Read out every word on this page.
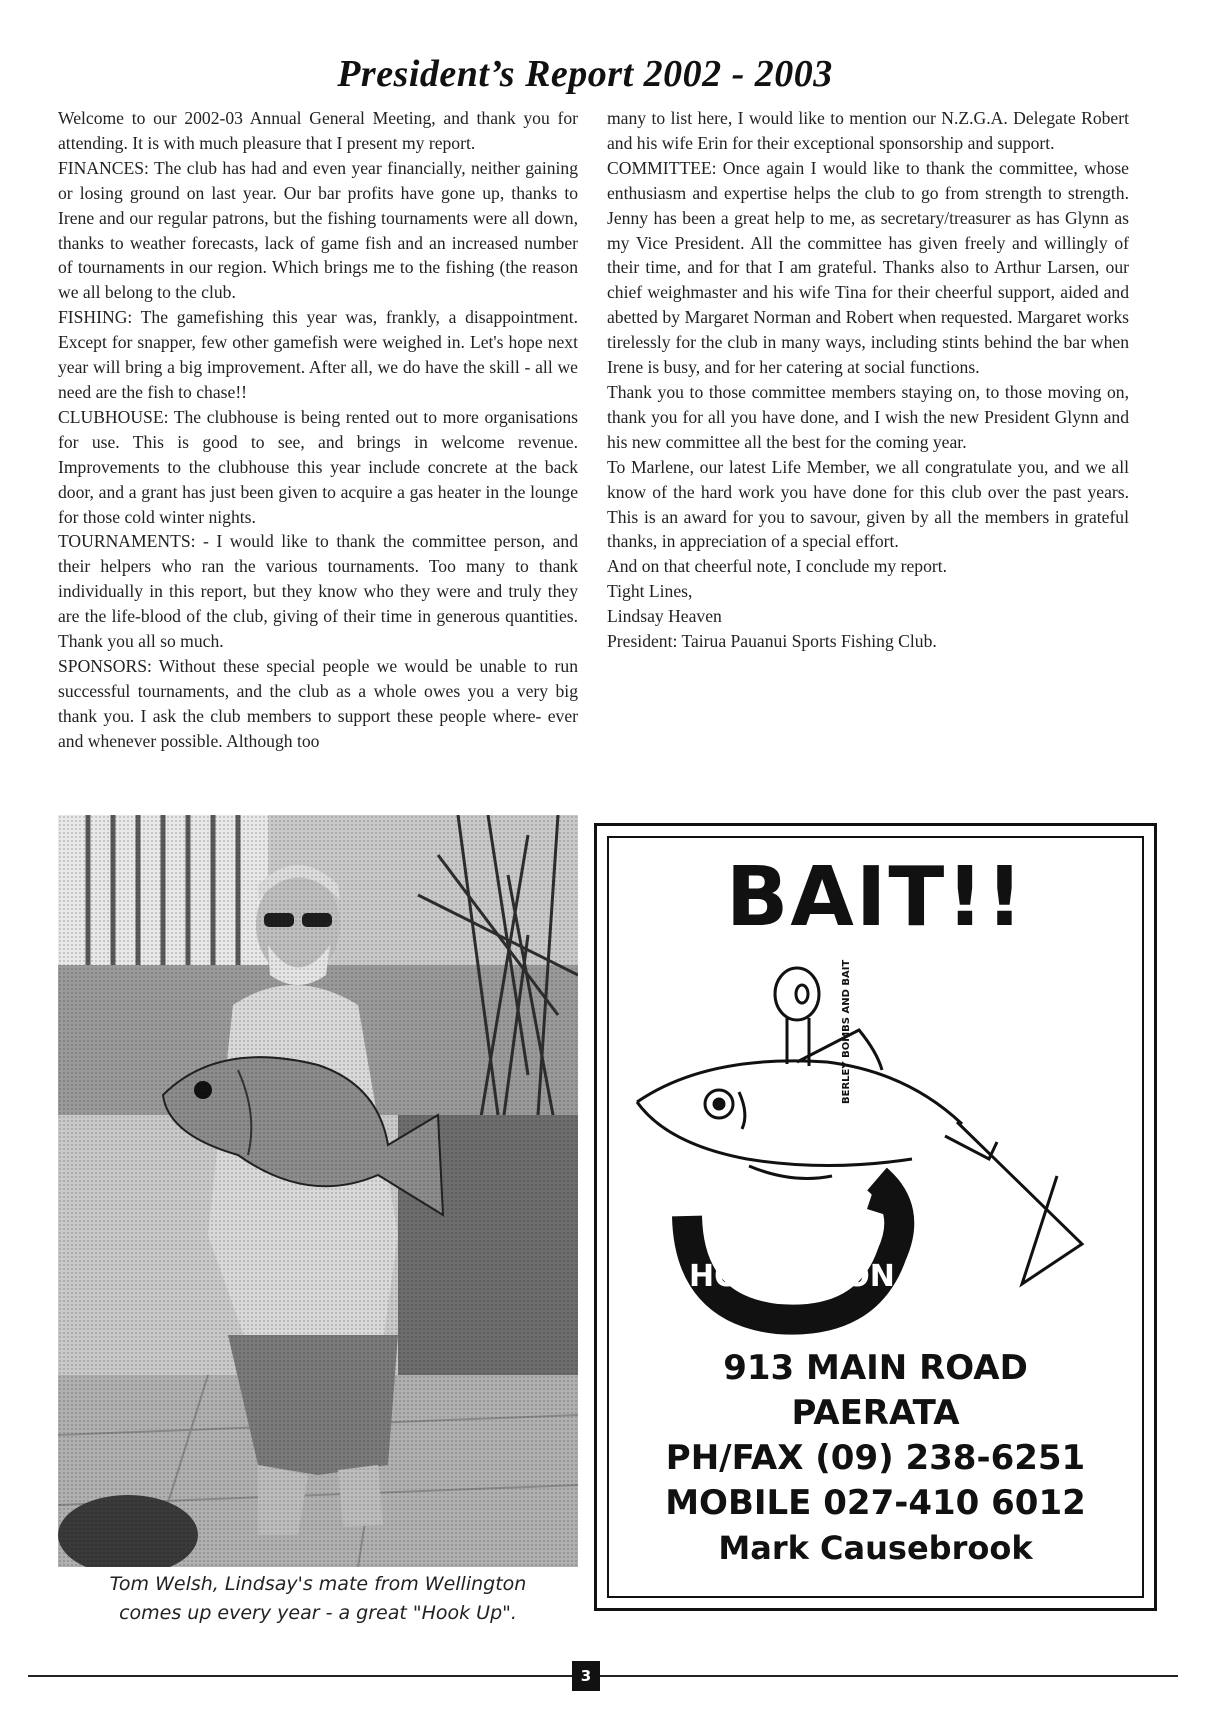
President’s Report 2002 - 2003

Welcome to our 2002-03 Annual General Meeting, and thank you for attending. It is with much pleasure that I present my report.

FINANCES: The club has had and even year financially, neither gaining or losing ground on last year. Our bar profits have gone up, thanks to Irene and our regular patrons, but the fishing tournaments were all down, thanks to weather forecasts, lack of game fish and an increased number of tournaments in our region. Which brings me to the fishing (the reason we all belong to the club.

FISHING: The gamefishing this year was, frankly, a disappointment. Except for snapper, few other gamefish were weighed in. Let's hope next year will bring a big improvement. After all, we do have the skill - all we need are the fish to chase!!

CLUBHOUSE: The clubhouse is being rented out to more organisations for use. This is good to see, and brings in welcome revenue. Improvements to the clubhouse this year include concrete at the back door, and a grant has just been given to acquire a gas heater in the lounge for those cold winter nights.

TOURNAMENTS: - I would like to thank the committee person, and their helpers who ran the various tournaments. Too many to thank individually in this report, but they know who they were and truly they are the life-blood of the club, giving of their time in generous quantities. Thank you all so much.

SPONSORS: Without these special people we would be unable to run successful tournaments, and the club as a whole owes you a very big thank you. I ask the club members to support these people where- ever and whenever possible. Although too

many to list here, I would like to mention our N.Z.G.A. Delegate Robert and his wife Erin for their exceptional sponsorship and support.

COMMITTEE: Once again I would like to thank the committee, whose enthusiasm and expertise helps the club to go from strength to strength. Jenny has been a great help to me, as secretary/treasurer as has Glynn as my Vice President. All the committee has given freely and willingly of their time, and for that I am grateful. Thanks also to Arthur Larsen, our chief weighmaster and his wife Tina for their cheerful support, aided and abetted by Margaret Norman and Robert when requested. Margaret works tirelessly for the club in many ways, including stints behind the bar when Irene is busy, and for her catering at social functions.

Thank you to those committee members staying on, to those moving on, thank you for all you have done, and I wish the new President Glynn and his new committee all the best for the coming year.

To Marlene, our latest Life Member, we all congratulate you, and we all know of the hard work you have done for this club over the past years. This is an award for you to savour, given by all the members in grateful thanks, in appreciation of a special effort.

And on that cheerful note, I conclude my report.

Tight Lines,

Lindsay Heaven

President: Tairua Pauanui Sports Fishing Club.

Tom Welsh, Lindsay's mate from Wellington
comes up every year - a great "Hook Up".
BAIT!!
HOOKED ON U
BERLEY BOMBS AND BAIT
913 MAIN ROAD
PAERATA
PH/FAX (09) 238-6251
MOBILE 027-410 6012
Mark Causebrook
3
